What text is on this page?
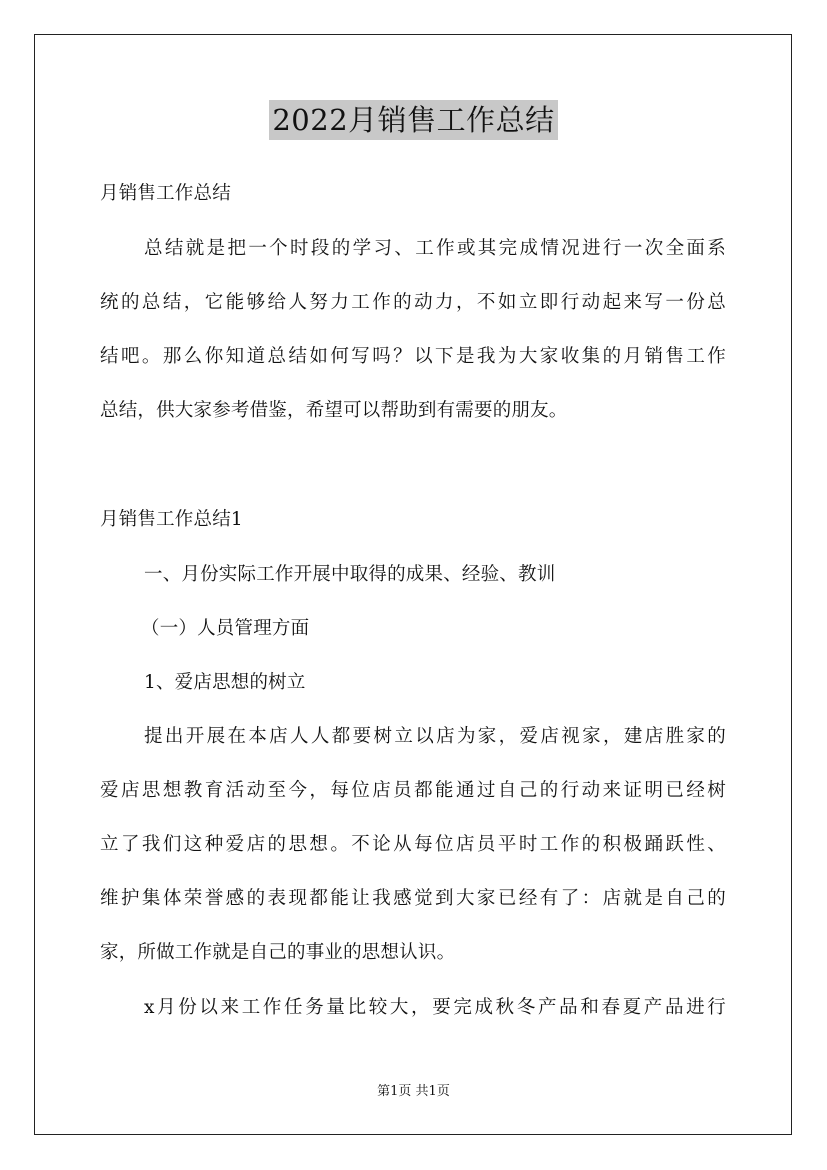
2022月销售工作总结
月销售工作总结
总结就是把一个时段的学习、工作或其完成情况进行一次全面系
统的总结，它能够给人努力工作的动力，不如立即行动起来写一份总
结吧。那么你知道总结如何写吗？以下是我为大家收集的月销售工作
总结，供大家参考借鉴，希望可以帮助到有需要的朋友。
月销售工作总结1
一、月份实际工作开展中取得的成果、经验、教训
（一）人员管理方面
1、爱店思想的树立
提出开展在本店人人都要树立以店为家，爱店视家，建店胜家的
爱店思想教育活动至今，每位店员都能通过自己的行动来证明已经树
立了我们这种爱店的思想。不论从每位店员平时工作的积极踊跃性、
维护集体荣誉感的表现都能让我感觉到大家已经有了：店就是自己的
家，所做工作就是自己的事业的思想认识。
x月份以来工作任务量比较大，要完成秋冬产品和春夏产品进行
第1页 共1页
